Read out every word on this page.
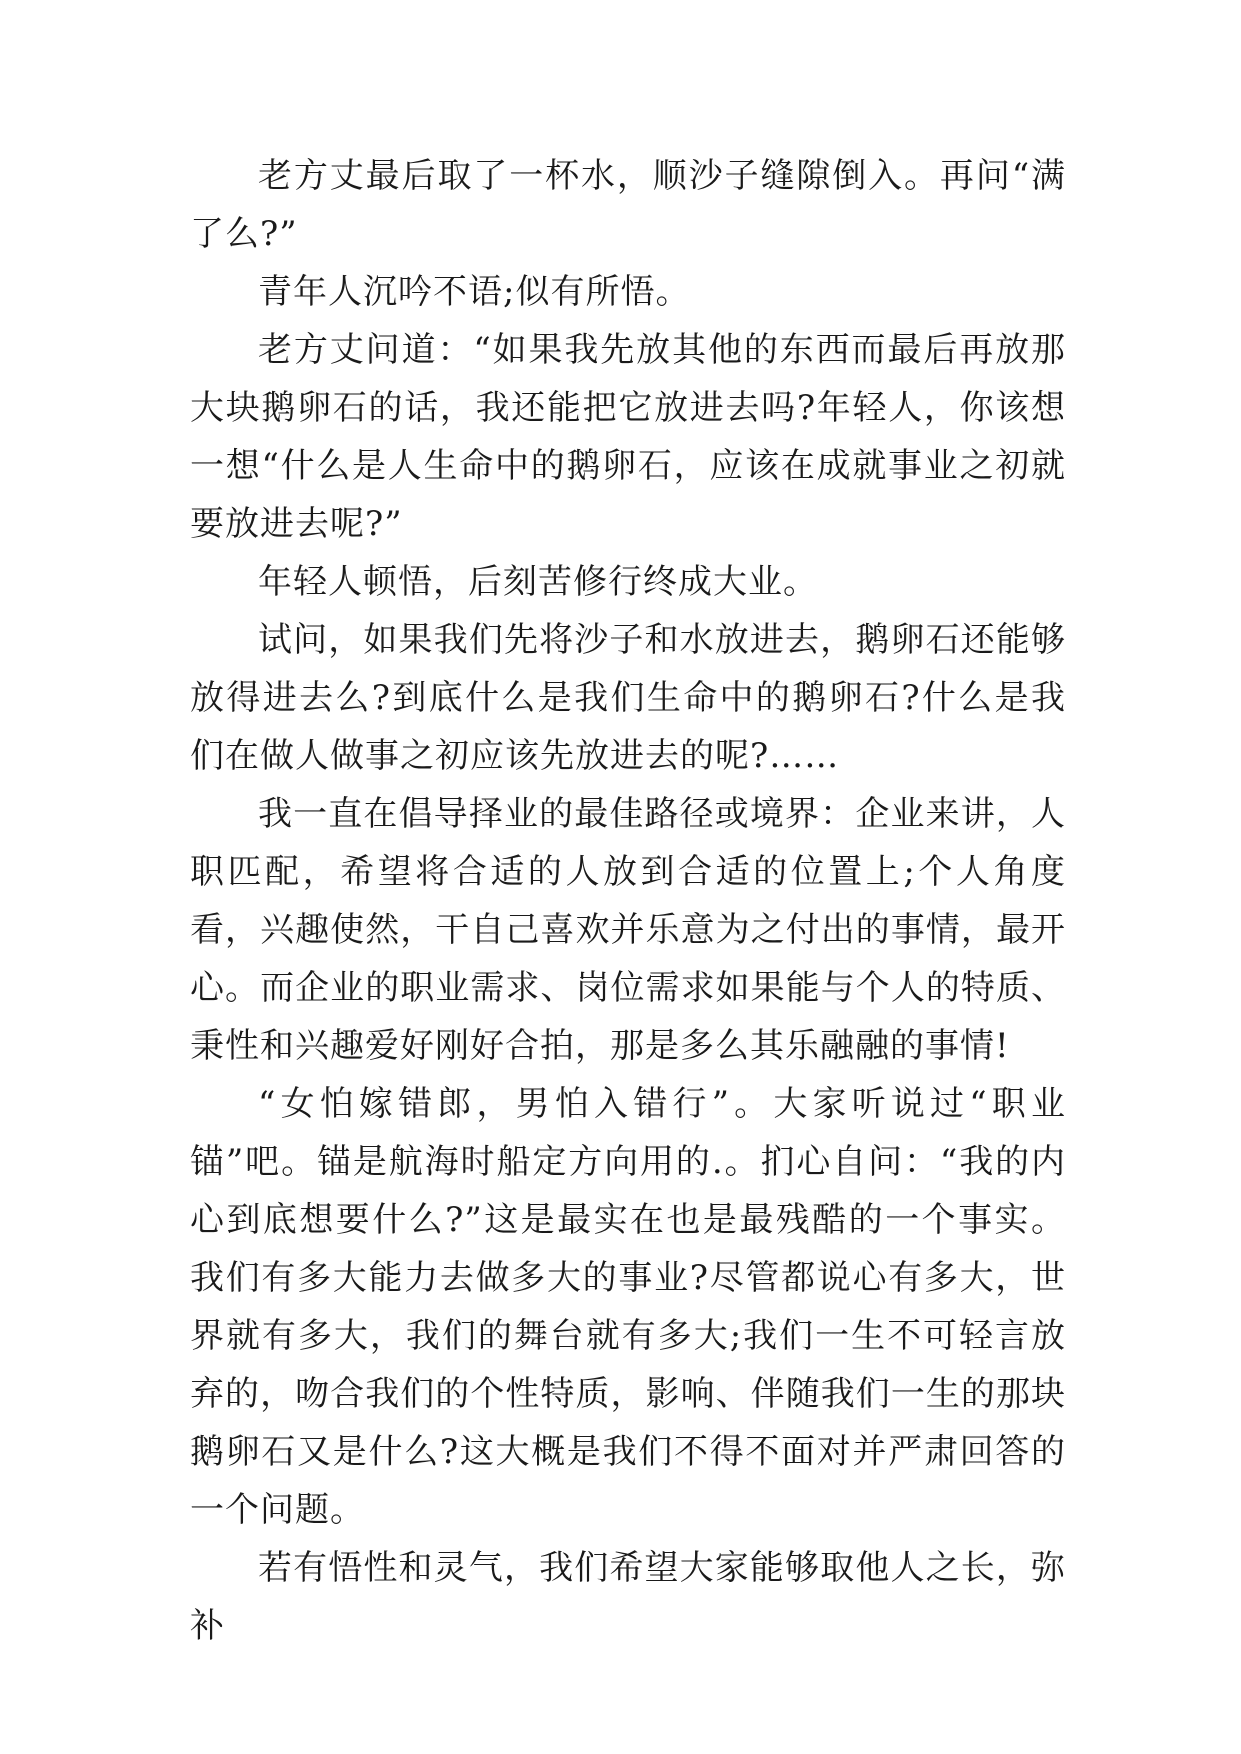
老方丈最后取了一杯水，顺沙子缝隙倒入。再问“满了么?”

青年人沉吟不语;似有所悟。

老方丈问道：“如果我先放其他的东西而最后再放那大块鹅卵石的话，我还能把它放进去吗?年轻人，你该想一想“什么是人生命中的鹅卵石，应该在成就事业之初就要放进去呢?”

年轻人顿悟，后刻苦修行终成大业。

试问，如果我们先将沙子和水放进去，鹅卵石还能够放得进去么?到底什么是我们生命中的鹅卵石?什么是我们在做人做事之初应该先放进去的呢?……

我一直在倡导择业的最佳路径或境界：企业来讲，人职匹配，希望将合适的人放到合适的位置上;个人角度看，兴趣使然，干自己喜欢并乐意为之付出的事情，最开心。而企业的职业需求、岗位需求如果能与个人的特质、秉性和兴趣爱好刚好合拍，那是多么其乐融融的事情!

“女怕嫁错郎，男怕入错行”。大家听说过“职业锚”吧。锚是航海时船定方向用的.。扪心自问：“我的内心到底想要什么?”这是最实在也是最残酷的一个事实。我们有多大能力去做多大的事业?尽管都说心有多大，世界就有多大，我们的舞台就有多大;我们一生不可轻言放弃的，吻合我们的个性特质，影响、伴随我们一生的那块鹅卵石又是什么?这大概是我们不得不面对并严肃回答的一个问题。

若有悟性和灵气，我们希望大家能够取他人之长，弥补
